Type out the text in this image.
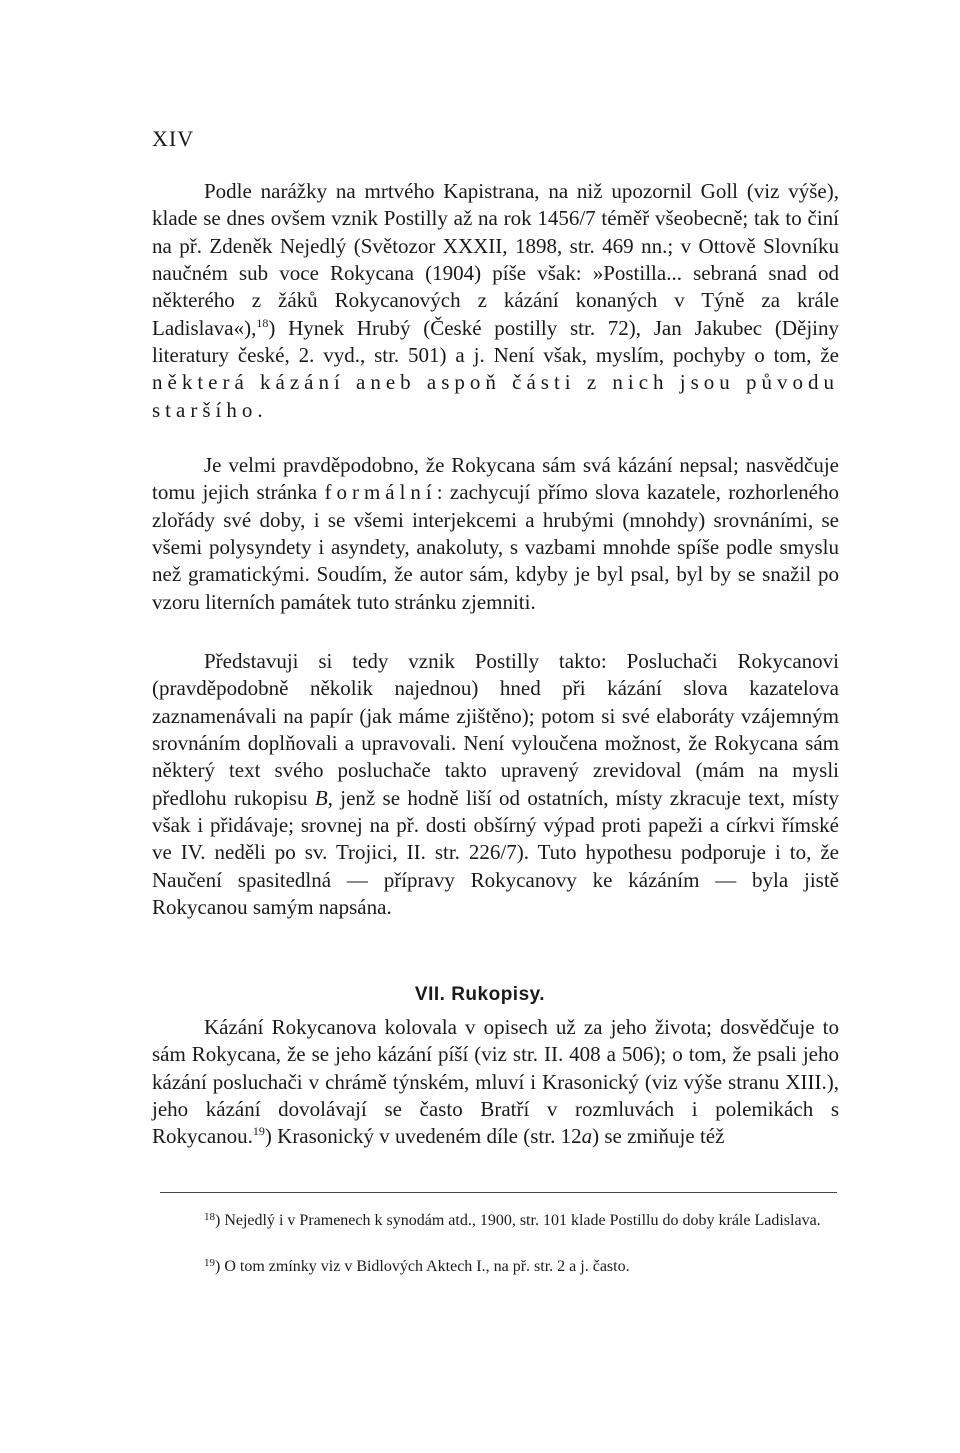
XIV
Podle narážky na mrtvého Kapistrana, na niž upozornil Goll (viz výše), klade se dnes ovšem vznik Postilly až na rok 1456/7 téměř všeobecně; tak to činí na př. Zdeněk Nejedlý (Světozor XXXII, 1898, str. 469 nn.; v Ottově Slovníku naučném sub voce Rokycana (1904) píše však: »Postilla... sebraná snad od některého z žáků Rokycanových z kázání konaných v Týně za krále Ladislava«),$^{18}$) Hynek Hrubý (České postilly str. 72), Jan Jakubec (Dějiny literatury české, 2. vyd., str. 501) a j. Není však, myslím, pochyby o tom, že některá kázání aneb aspoň části z nich jsou původu staršího.
Je velmi pravděpodobno, že Rokycana sám svá kázání nepsal; nasvědčuje tomu jejich stránka formální: zachycují přímo slova kazatele, rozhorleného zlořády své doby, i se všemi interjekcemi a hrubými (mnohdy) srovnáními, se všemi polysyndety i asyndety, anakoluty, s vazbami mnohde spíše podle smyslu než gramatickými. Soudím, že autor sám, kdyby je byl psal, byl by se snažil po vzoru literních památek tuto stránku zjemniti.
Představuji si tedy vznik Postilly takto: Posluchači Rokycanovi (pravděpodobně několik najednou) hned při kázání slova kazatelova zaznamenávali na papír (jak máme zjištěno); potom si své elaboráty vzájemným srovnáním doplňovali a upravovali. Není vyloučena možnost, že Rokycana sám některý text svého posluchače takto upravený zrevidoval (mám na mysli předlohu rukopisu B, jenž se hodně liší od ostatních, místy zkracuje text, místy však i přidávaje; srovnej na př. dosti obšírný výpad proti papeži a církvi římské ve IV. neděli po sv. Trojici, II. str. 226/7). Tuto hypothesu podporuje i to, že Naučení spasitedlná — přípravy Rokycanovy ke kázáním — byla jistě Rokycanou samým napsána.
VII. Rukopisy.
Kázání Rokycanova kolovala v opisech už za jeho života; dosvědčuje to sám Rokycana, že se jeho kázání píší (viz str. II. 408 a 506); o tom, že psali jeho kázání posluchači v chrámě týnském, mluví i Krasonický (viz výše stranu XIII.), jeho kázání dovolávají se často Bratří v rozmluvách i polemikách s Rokycanou.$^{19}$) Krasonický v uvedeném díle (str. 12a) se zmiňuje též
$^{18}$) Nejedlý i v Pramenech k synodám atd., 1900, str. 101 klade Postillu do doby krále Ladislava.
$^{19}$) O tom zmínky viz v Bidlových Aktech I., na př. str. 2 a j. často.
